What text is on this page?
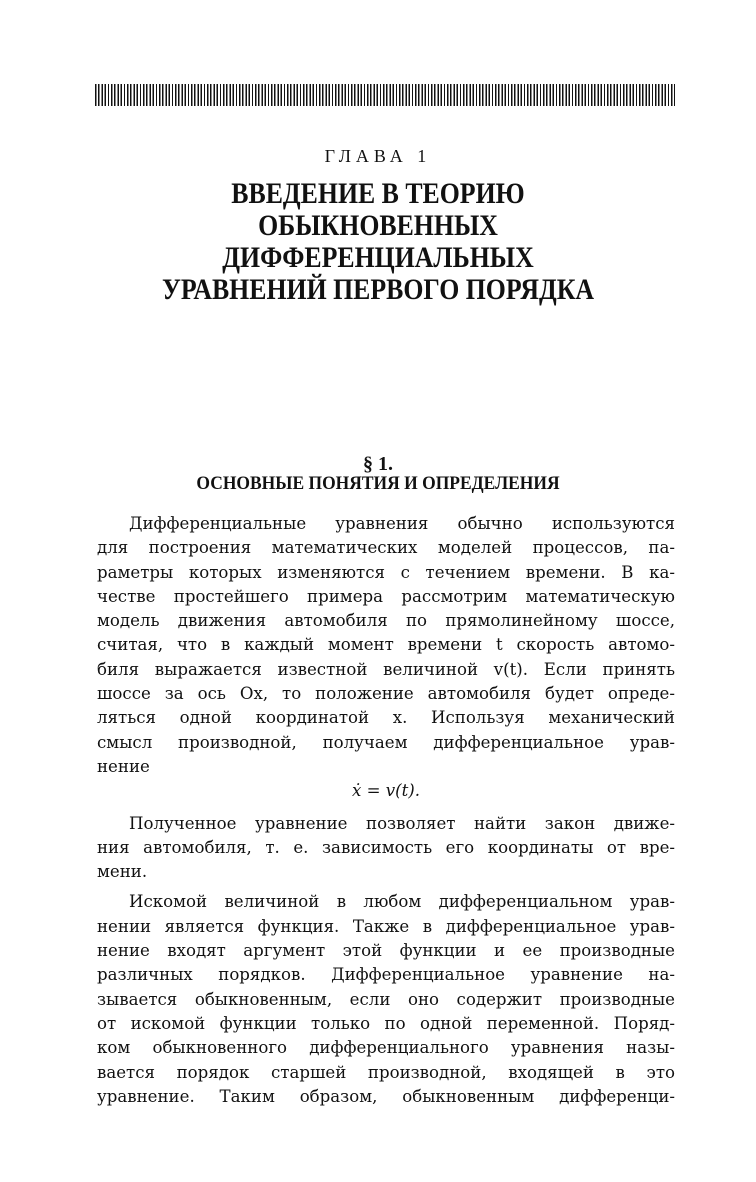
ГЛАВА 1
ВВЕДЕНИЕ В ТЕОРИЮ
ОБЫКНОВЕННЫХ
ДИФФЕРЕНЦИАЛЬНЫХ
УРАВНЕНИЙ ПЕРВОГО ПОРЯДКА
§ 1.
ОСНОВНЫЕ ПОНЯТИЯ И ОПРЕДЕЛЕНИЯ
Дифференциальные уравнения обычно используются
для построения математических моделей процессов, па-
раметры которых изменяются с течением времени. В ка-
честве простейшего примера рассмотрим математическую
модель движения автомобиля по прямолинейному шоссе,
считая, что в каждый момент времени t скорость автомо-
биля выражается известной величиной v(t). Если принять
шоссе за ось Ox, то положение автомобиля будет опреде-
ляться одной координатой x. Используя механический
смысл производной, получаем дифференциальное урав-
нение
ẋ = v(t).
Полученное уравнение позволяет найти закон движе-
ния автомобиля, т. е. зависимость его координаты от вре-
мени.
Искомой величиной в любом дифференциальном урав-
нении является функция. Также в дифференциальное урав-
нение входят аргумент этой функции и ее производные
различных порядков. Дифференциальное уравнение на-
зывается обыкновенным, если оно содержит производные
от искомой функции только по одной переменной. Поряд-
ком обыкновенного дифференциального уравнения назы-
вается порядок старшей производной, входящей в это
уравнение. Таким образом, обыкновенным дифференци-
